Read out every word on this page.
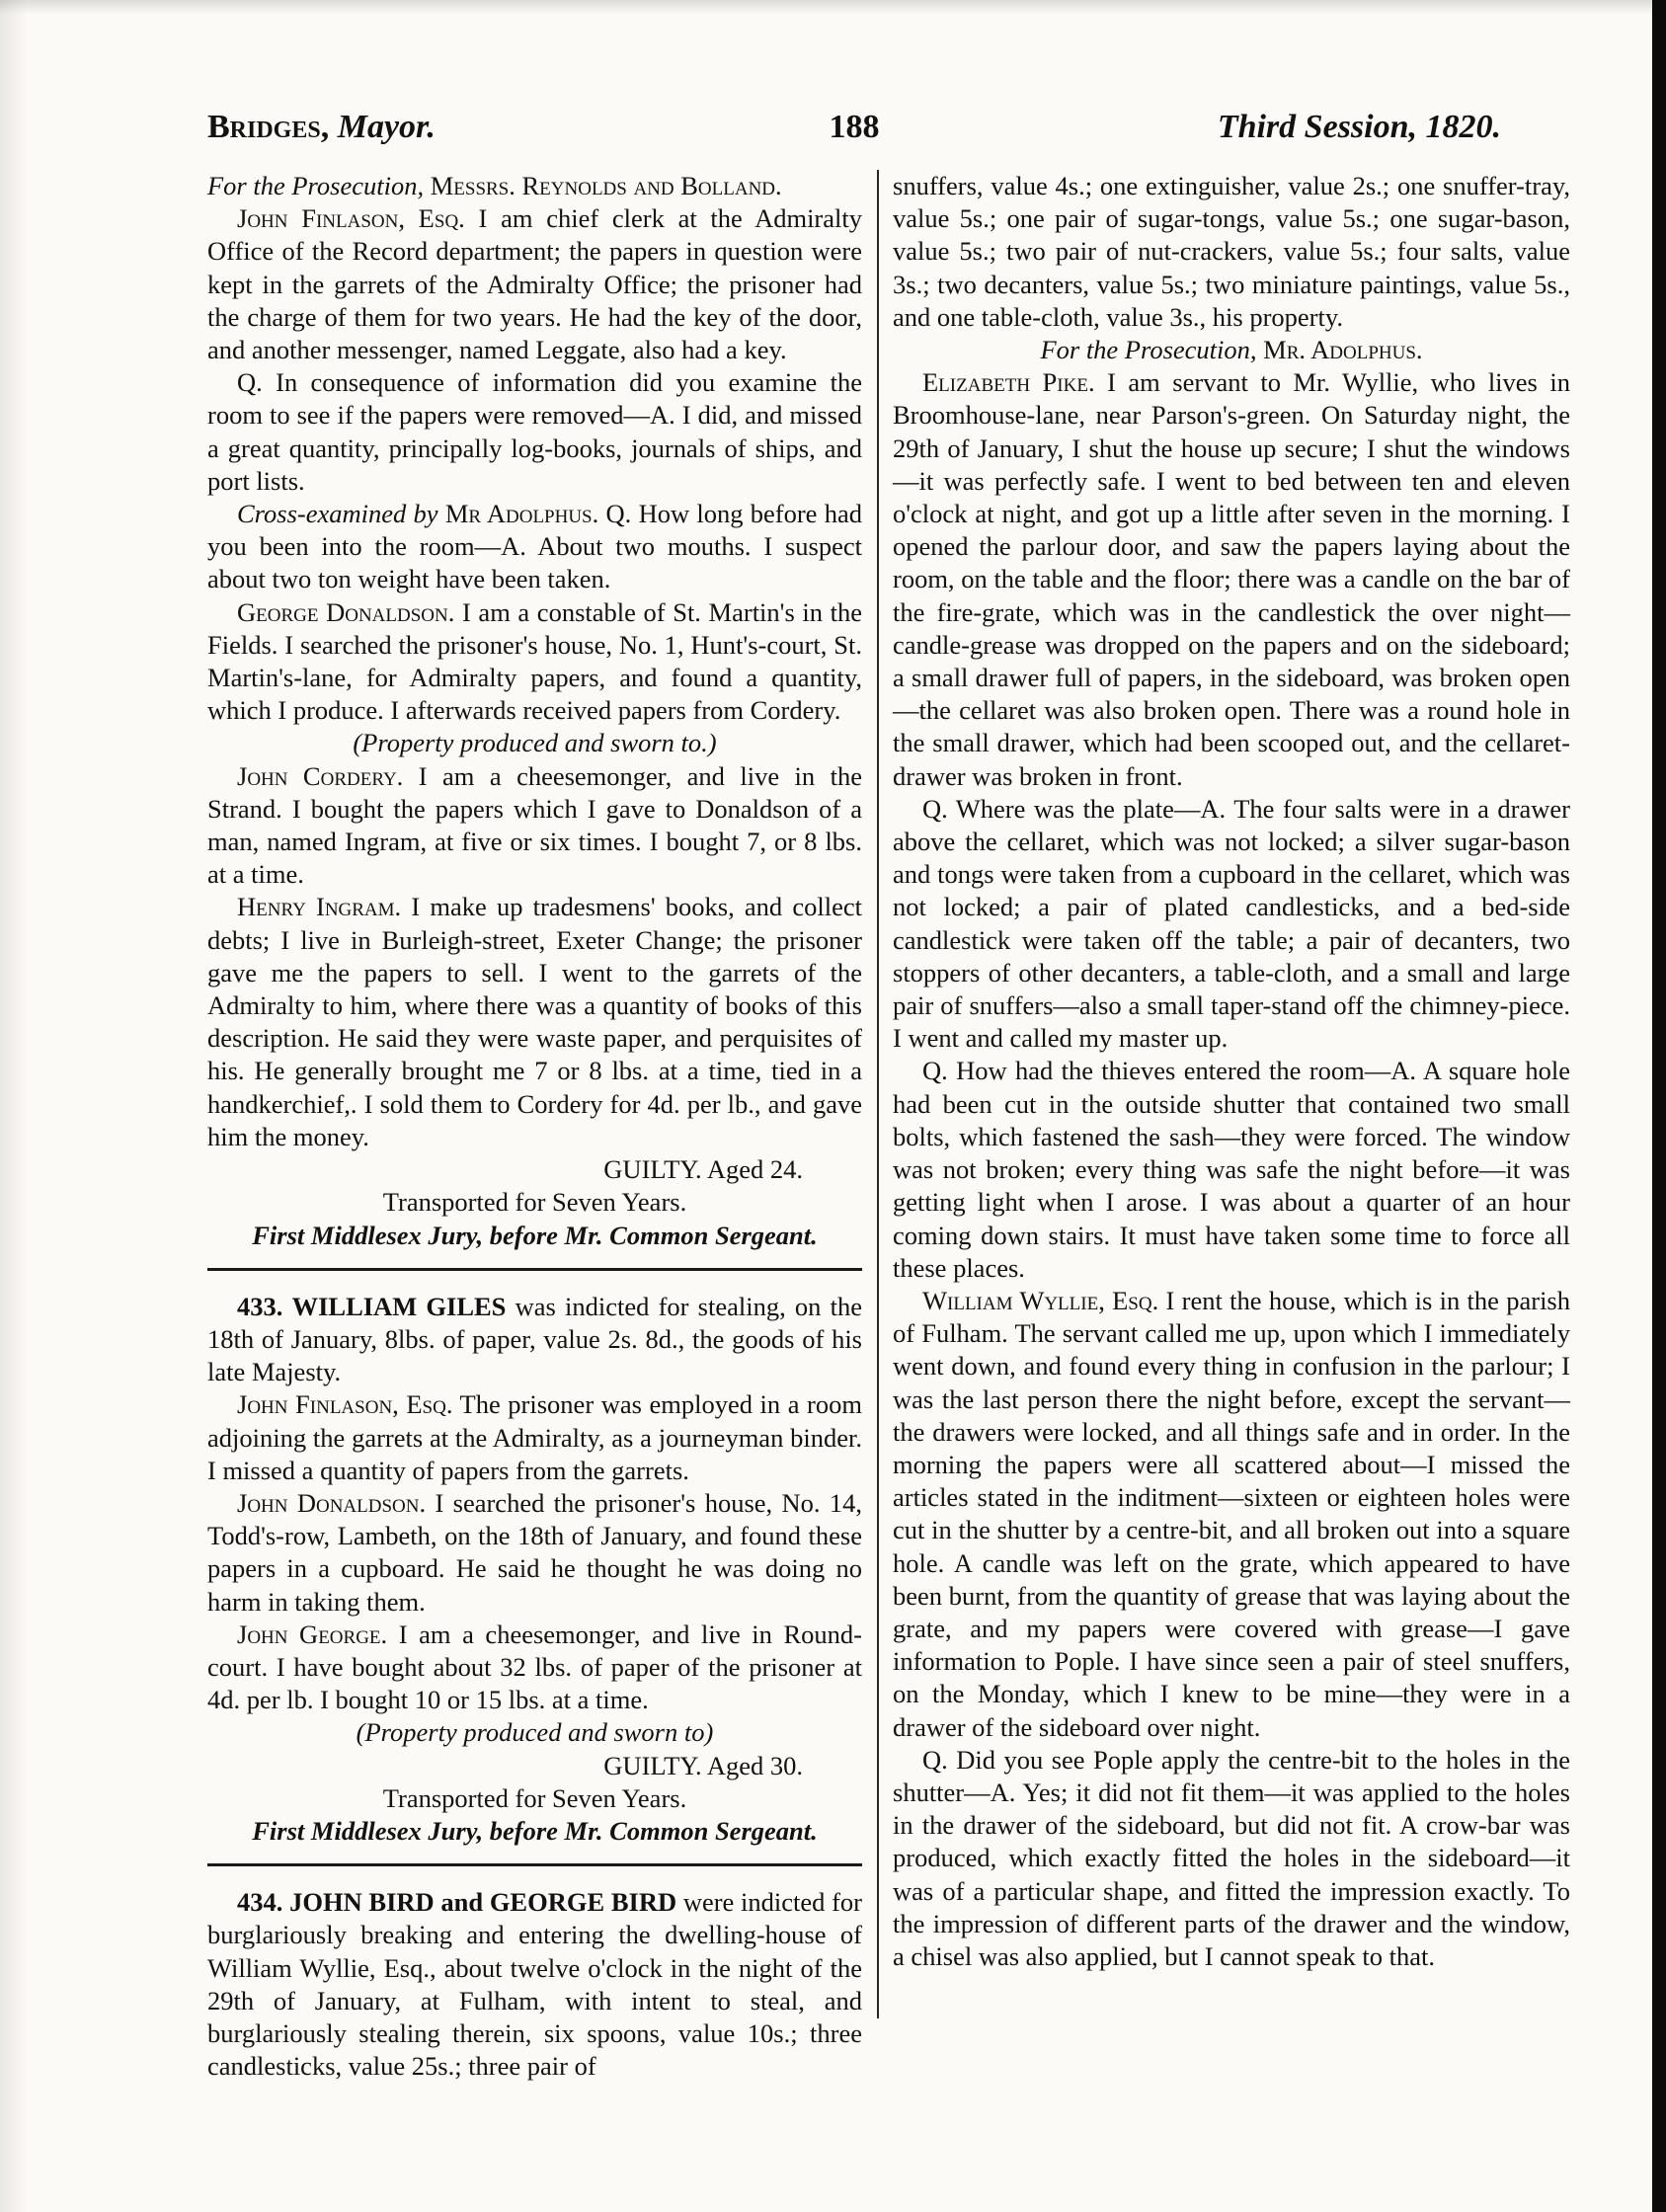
Bridges, Mayor.	188	Third Session, 1820.

For the Prosecution, Messrs. Reynolds and Bolland.

John Finlason, Esq. I am chief clerk at the Admiralty Office of the Record department; the papers in question were kept in the garrets of the Admiralty Office; the prisoner had the charge of them for two years. He had the key of the door, and another messenger, named Leggate, also had a key.

Q. In consequence of information did you examine the room to see if the papers were removed—A. I did, and missed a great quantity, principally log-books, journals of ships, and port lists.

Cross-examined by Mr Adolphus. Q. How long before had you been into the room—A. About two mouths. I suspect about two ton weight have been taken.

George Donaldson. I am a constable of St. Martin's in the Fields. I searched the prisoner's house, No. 1, Hunt's-court, St. Martin's-lane, for Admiralty papers, and found a quantity, which I produce. I afterwards received papers from Cordery.

(Property produced and sworn to.)

John Cordery. I am a cheesemonger, and live in the Strand. I bought the papers which I gave to Donaldson of a man, named Ingram, at five or six times. I bought 7, or 8 lbs. at a time.

Henry Ingram. I make up tradesmens' books, and collect debts; I live in Burleigh-street, Exeter Change; the prisoner gave me the papers to sell. I went to the garrets of the Admiralty to him, where there was a quantity of books of this description. He said they were waste paper, and perquisites of his. He generally brought me 7 or 8 lbs. at a time, tied in a handkerchief,. I sold them to Cordery for 4d. per lb., and gave him the money.

GUILTY. Aged 24.

Transported for Seven Years.

First Middlesex Jury, before Mr. Common Sergeant.

433. WILLIAM GILES was indicted for stealing, on the 18th of January, 8lbs. of paper, value 2s. 8d., the goods of his late Majesty.

John Finlason, Esq. The prisoner was employed in a room adjoining the garrets at the Admiralty, as a journeyman binder. I missed a quantity of papers from the garrets.

John Donaldson. I searched the prisoner's house, No. 14, Todd's-row, Lambeth, on the 18th of January, and found these papers in a cupboard. He said he thought he was doing no harm in taking them.

John George. I am a cheesemonger, and live in Round-court. I have bought about 32 lbs. of paper of the prisoner at 4d. per lb. I bought 10 or 15 lbs. at a time.

(Property produced and sworn to)

GUILTY. Aged 30.

Transported for Seven Years.

First Middlesex Jury, before Mr. Common Sergeant.

434. JOHN BIRD and GEORGE BIRD were indicted for burglariously breaking and entering the dwelling-house of William Wyllie, Esq., about twelve o'clock in the night of the 29th of January, at Fulham, with intent to steal, and burglariously stealing therein, six spoons, value 10s.; three candlesticks, value 25s.; three pair of

snuffers, value 4s.; one extinguisher, value 2s.; one snuffer-tray, value 5s.; one pair of sugar-tongs, value 5s.; one sugar-bason, value 5s.; two pair of nut-crackers, value 5s.; four salts, value 3s.; two decanters, value 5s.; two miniature paintings, value 5s., and one table-cloth, value 3s., his property.

For the Prosecution, Mr. Adolphus.

Elizabeth Pike. I am servant to Mr. Wyllie, who lives in Broomhouse-lane, near Parson's-green. On Saturday night, the 29th of January, I shut the house up secure; I shut the windows—it was perfectly safe. I went to bed between ten and eleven o'clock at night, and got up a little after seven in the morning. I opened the parlour door, and saw the papers laying about the room, on the table and the floor; there was a candle on the bar of the fire-grate, which was in the candlestick the over night—candle-grease was dropped on the papers and on the sideboard; a small drawer full of papers, in the sideboard, was broken open—the cellaret was also broken open. There was a round hole in the small drawer, which had been scooped out, and the cellaret-drawer was broken in front.

Q. Where was the plate—A. The four salts were in a drawer above the cellaret, which was not locked; a silver sugar-bason and tongs were taken from a cupboard in the cellaret, which was not locked; a pair of plated candlesticks, and a bed-side candlestick were taken off the table; a pair of decanters, two stoppers of other decanters, a table-cloth, and a small and large pair of snuffers—also a small taper-stand off the chimney-piece. I went and called my master up.

Q. How had the thieves entered the room—A. A square hole had been cut in the outside shutter that contained two small bolts, which fastened the sash—they were forced. The window was not broken; every thing was safe the night before—it was getting light when I arose. I was about a quarter of an hour coming down stairs. It must have taken some time to force all these places.

William Wyllie, Esq. I rent the house, which is in the parish of Fulham. The servant called me up, upon which I immediately went down, and found every thing in confusion in the parlour; I was the last person there the night before, except the servant—the drawers were locked, and all things safe and in order. In the morning the papers were all scattered about—I missed the articles stated in the inditment—sixteen or eighteen holes were cut in the shutter by a centre-bit, and all broken out into a square hole. A candle was left on the grate, which appeared to have been burnt, from the quantity of grease that was laying about the grate, and my papers were covered with grease—I gave information to Pople. I have since seen a pair of steel snuffers, on the Monday, which I knew to be mine—they were in a drawer of the sideboard over night.

Q. Did you see Pople apply the centre-bit to the holes in the shutter—A. Yes; it did not fit them—it was applied to the holes in the drawer of the sideboard, but did not fit. A crow-bar was produced, which exactly fitted the holes in the sideboard—it was of a particular shape, and fitted the impression exactly. To the impression of different parts of the drawer and the window, a chisel was also applied, but I cannot speak to that.
